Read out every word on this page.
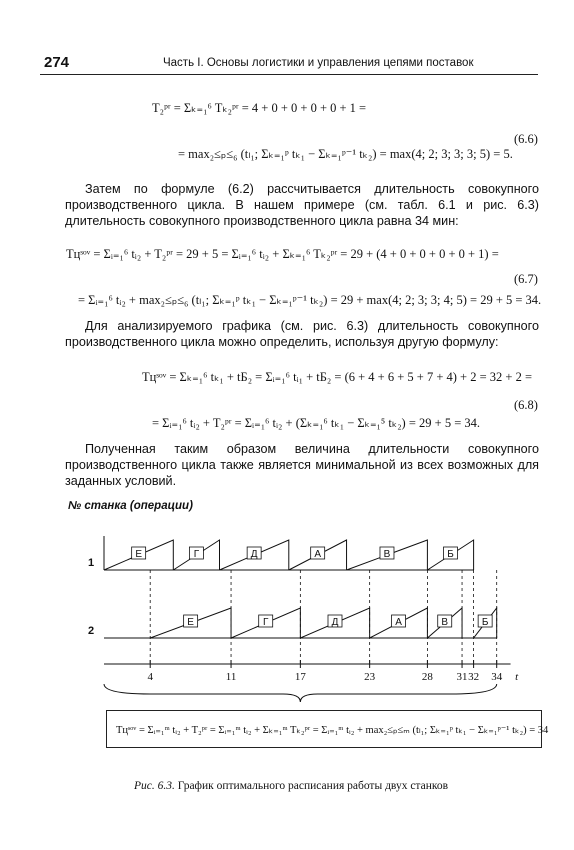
274	Часть I. Основы логистики и управления цепями поставок
T₂ᵖʳ = Σₖ₌₁⁶ Tₖ₂ᵖʳ = 4 + 0 + 0 + 0 + 0 + 1 =
= max₂≤ₚ≤₆ (tₗ₁; Σₖ₌₁ᵖ tₖ₁ − Σₖ₌₁ᵖ⁻¹ tₖ₂) = max(4; 2; 3; 3; 3; 5) = 5.
(6.6)
Затем по формуле (6.2) рассчитывается длительность совокупного производственного цикла. В нашем примере (см. табл. 6.1 и рис. 6.3) длительность совокупного производственного цикла равна 34 мин:
Tцˢᵒᵛ = Σᵢ₌₁⁶ tᵢ₂ + T₂ᵖʳ = 29 + 5 = Σᵢ₌₁⁶ tᵢ₂ + Σₖ₌₁⁶ Tₖ₂ᵖʳ = 29 + (4 + 0 + 0 + 0 + 0 + 1) =
= Σᵢ₌₁⁶ tᵢ₂ + max₂≤ₚ≤₆ (tₗ₁; Σₖ₌₁ᵖ tₖ₁ − Σₖ₌₁ᵖ⁻¹ tₖ₂) = 29 + max(4; 2; 3; 3; 4; 5) = 29 + 5 = 34.
(6.7)
Для анализируемого графика (см. рис. 6.3) длительность совокупного производственного цикла можно определить, используя другую формулу:
Tцˢᵒᵛ = Σₖ₌₁⁶ tₖ₁ + tБ₂ = Σᵢ₌₁⁶ tᵢ₁ + tБ₂ = (6 + 4 + 6 + 5 + 7 + 4) + 2 = 32 + 2 =
= Σᵢ₌₁⁶ tᵢ₂ + T₂ᵖʳ = Σᵢ₌₁⁶ tᵢ₂ + (Σₖ₌₁⁶ tₖ₁ − Σₖ₌₁⁵ tₖ₂) = 29 + 5 = 34.
(6.8)
Полученная таким образом величина длительности совокупного производственного цикла также является минимальной из всех возможных для заданных условий.
№ станка (операции)
1
2
Е	Г	Д	А	В	Б
Е	Г	Д	А	В	Б
4	11	17	23	28 31 32 34 t
Tцˢᵒᵛ = Σᵢ₌₁ᵐ tᵢ₂ + T₂ᵖʳ = Σᵢ₌₁ᵐ tᵢ₂ + Σₖ₌₁ᵐ Tₖ₂ᵖʳ = Σᵢ₌₁ᵐ tᵢ₂ + max₂≤ₚ≤ₘ (tₗ₁; Σₖ₌₁ᵖ tₖ₁ − Σₖ₌₁ᵖ⁻¹ tₖ₂) = 34
Рис. 6.3. График оптимального расписания работы двух станков
